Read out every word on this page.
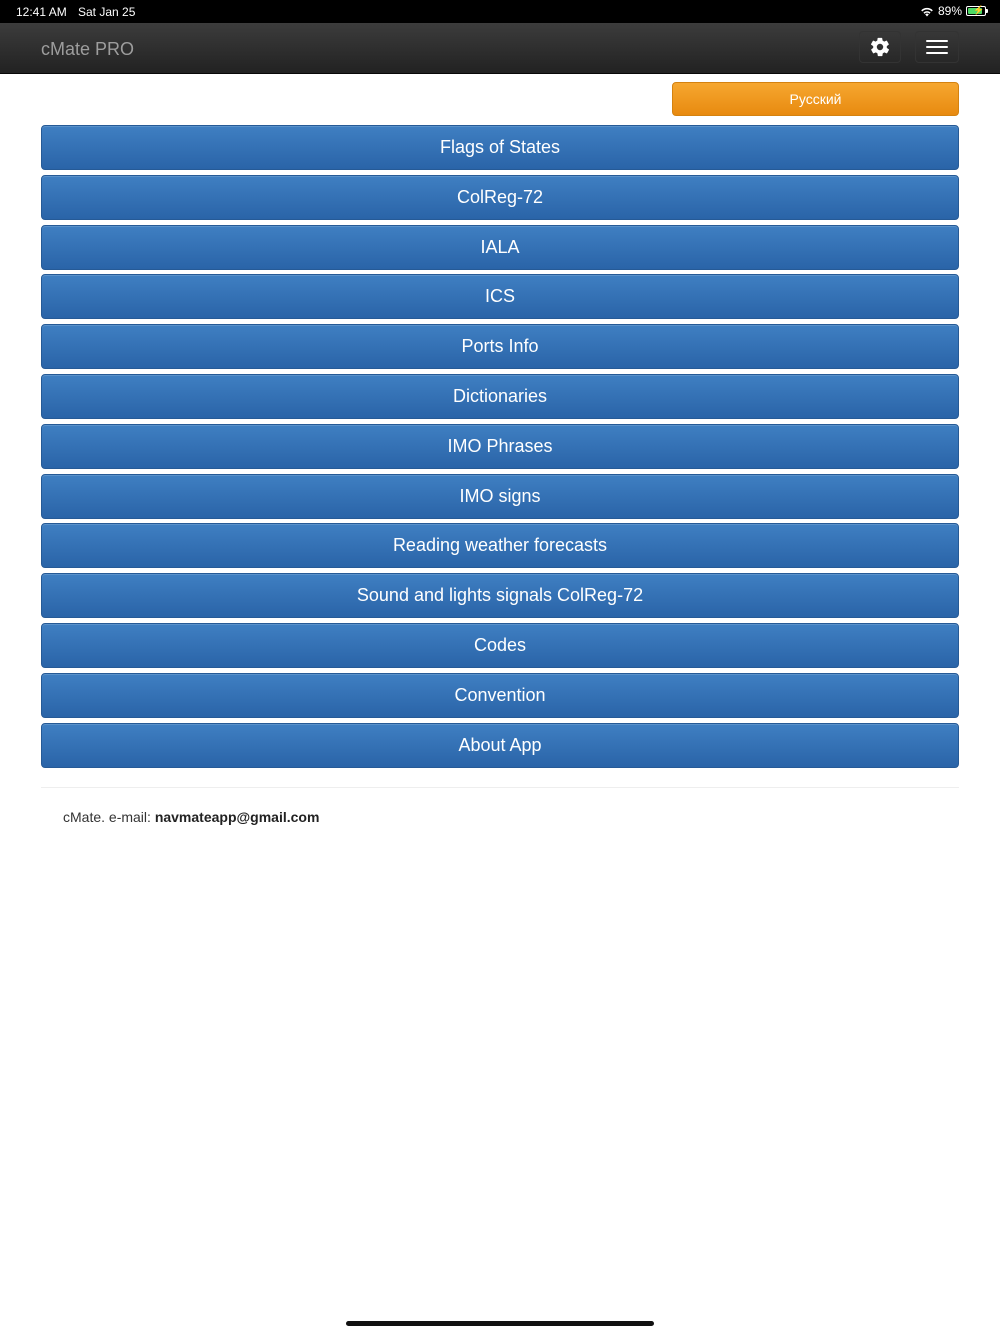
12:41 AM Sat Jan 25	89% ⚡
cMate PRO
Русский
Flags of States
ColReg-72
IALA
ICS
Ports Info
Dictionaries
IMO Phrases
IMO signs
Reading weather forecasts
Sound and lights signals ColReg-72
Codes
Convention
About App
cMate. e-mail: navmateapp@gmail.com
